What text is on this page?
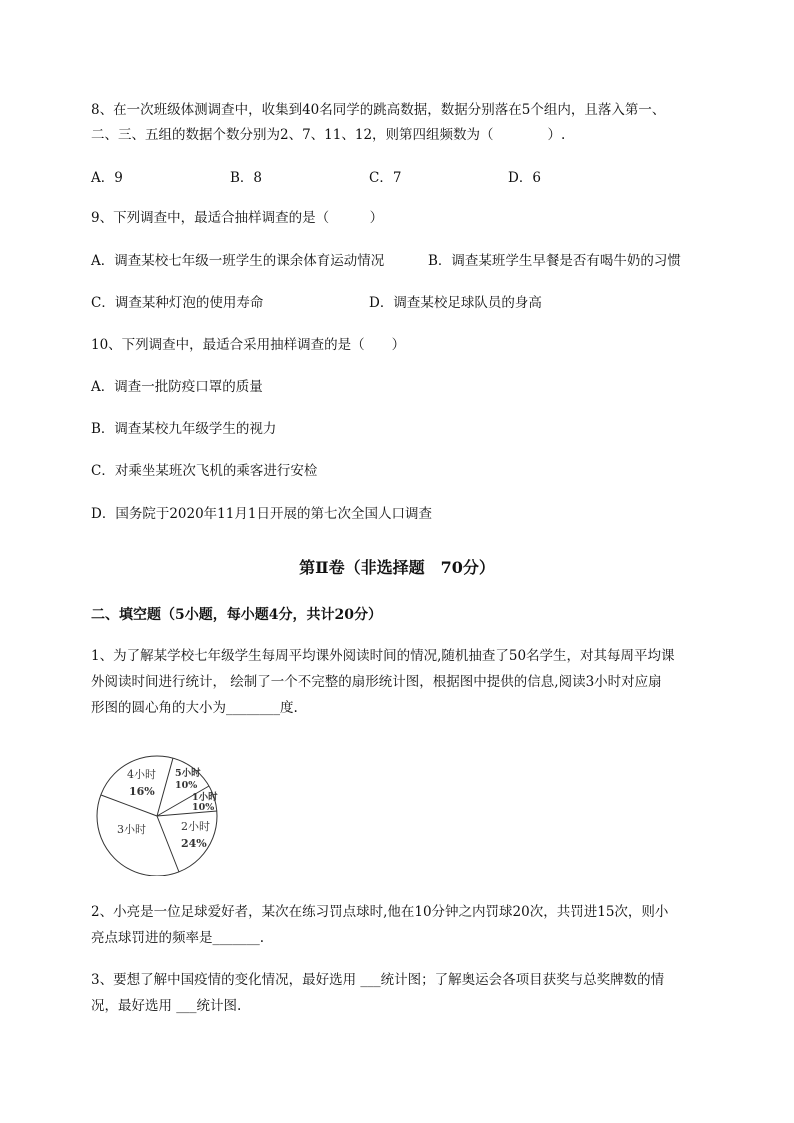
8、在一次班级体测调查中，收集到40名同学的跳高数据，数据分别落在5个组内，且落入第一、
二、三、五组的数据个数分别为2、7、11、12，则第四组频数为（　　　　）.
A．9	B．8	C．7	D．6
9、下列调查中，最适合抽样调查的是（　　　）
A．调查某校七年级一班学生的课余体育运动情况	B．调查某班学生早餐是否有喝牛奶的习惯
C．调查某种灯泡的使用寿命	D．调查某校足球队员的身高
10、下列调查中，最适合采用抽样调查的是（　　）
A．调查一批防疫口罩的质量
B．调查某校九年级学生的视力
C．对乘坐某班次飞机的乘客进行安检
D．国务院于2020年11月1日开展的第七次全国人口调查
第Ⅱ卷（非选择题　70分）
二、填空题（5小题，每小题4分，共计20分）
1、为了解某学校七年级学生每周平均课外阅读时间的情况,随机抽查了50名学生，对其每周平均课
外阅读时间进行统计， 绘制了一个不完整的扇形统计图，根据图中提供的信息,阅读3小时对应扇
形图的圆心角的大小为________度.
4小时
16%
5小时
10%
1小时
10%
2小时
24%
3小时
2、小亮是一位足球爱好者，某次在练习罚点球时,他在10分钟之内罚球20次，共罚进15次，则小
亮点球罚进的频率是_______.
3、要想了解中国疫情的变化情况，最好选用 ___统计图；了解奥运会各项目获奖与总奖牌数的情
况，最好选用 ___统计图.
